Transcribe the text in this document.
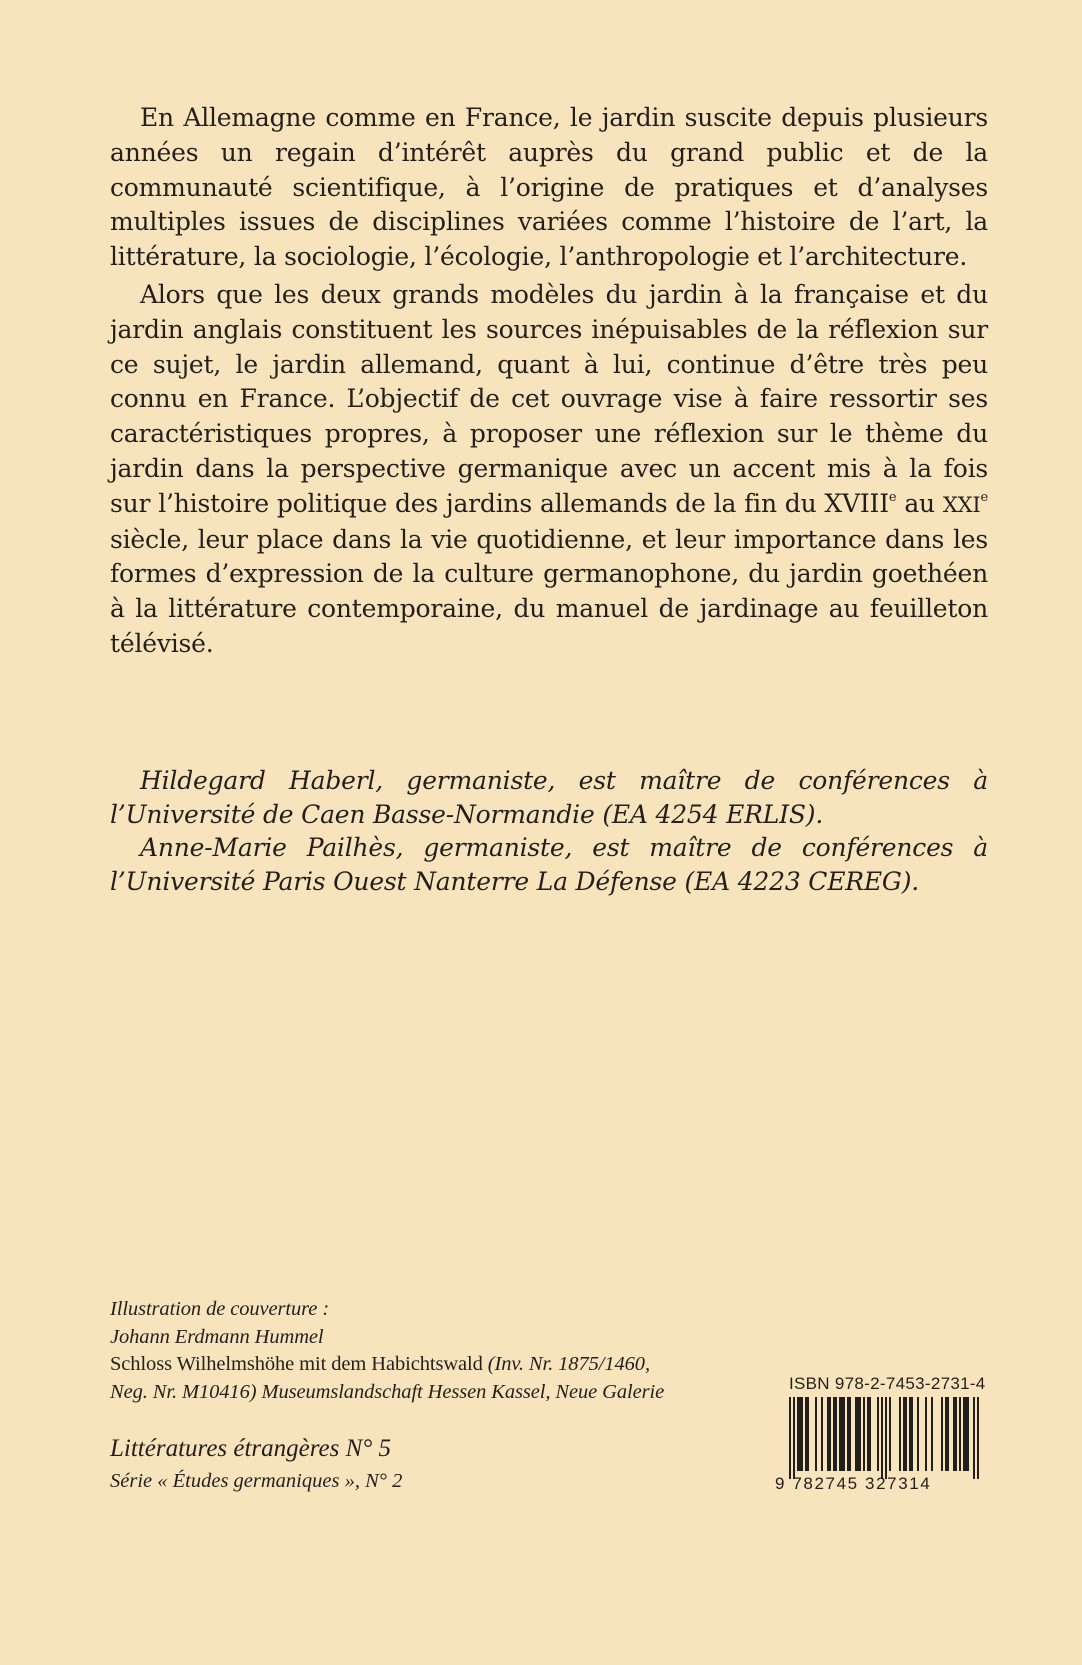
En Allemagne comme en France, le jardin suscite depuis plusieurs années un regain d’intérêt auprès du grand public et de la communauté scientifique, à l’origine de pratiques et d’analyses multiples issues de disciplines variées comme l’histoire de l’art, la littérature, la sociologie, l’écologie, l’anthropologie et l’architecture.

Alors que les deux grands modèles du jardin à la française et du jardin anglais constituent les sources inépuisables de la réflexion sur ce sujet, le jardin allemand, quant à lui, continue d’être très peu connu en France. L’objectif de cet ouvrage vise à faire ressortir ses caractéristiques propres, à proposer une réflexion sur le thème du jardin dans la perspective germanique avec un accent mis à la fois sur l’histoire politique des jardins allemands de la fin du XVIIIe au XXIe siècle, leur place dans la vie quotidienne, et leur importance dans les formes d’expression de la culture germanophone, du jardin goethéen à la littérature contemporaine, du manuel de jardinage au feuilleton télévisé.

Hildegard Haberl, germaniste, est maître de conférences à l’Université de Caen Basse-Normandie (EA 4254 ERLIS).

Anne-Marie Pailhès, germaniste, est maître de conférences à l’Université Paris Ouest Nanterre La Défense (EA 4223 CEREG).

Illustration de couverture :
Johann Erdmann Hummel
Schloss Wilhelmshöhe mit dem Habichtswald (Inv. Nr. 1875/1460,
Neg. Nr. M10416) Museumslandschaft Hessen Kassel, Neue Galerie
Littératures étrangères N° 5
Série « Études germaniques », N° 2
ISBN 978-2-7453-2731-4
9 782745 327314
